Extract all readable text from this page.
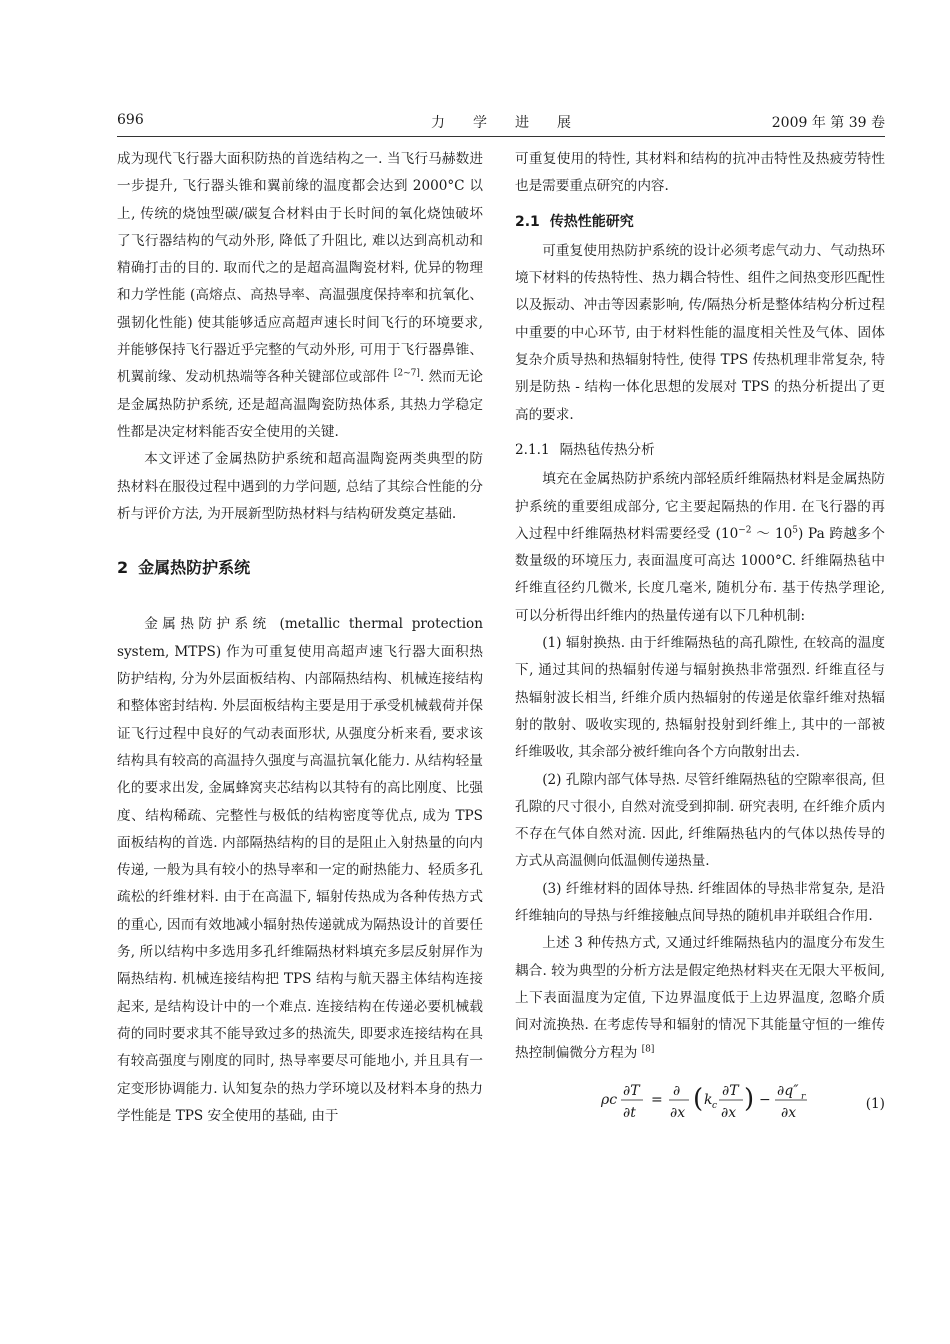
696	力学进展	2009 年 第 39 卷

成为现代飞行器大面积防热的首选结构之一. 当飞行马赫数进一步提升, 飞行器头锥和翼前缘的温度都会达到 2000°C 以上, 传统的烧蚀型碳/碳复合材料由于长时间的氧化烧蚀破坏了飞行器结构的气动外形, 降低了升阻比, 难以达到高机动和精确打击的目的. 取而代之的是超高温陶瓷材料, 优异的物理和力学性能 (高熔点、高热导率、高温强度保持率和抗氧化、强韧化性能) 使其能够适应高超声速长时间飞行的环境要求, 并能够保持飞行器近乎完整的气动外形, 可用于飞行器鼻锥、机翼前缘、发动机热端等各种关键部位或部件 [2~7]. 然而无论是金属热防护系统, 还是超高温陶瓷防热体系, 其热力学稳定性都是决定材料能否安全使用的关键.

本文评述了金属热防护系统和超高温陶瓷两类典型的防热材料在服役过程中遇到的力学问题, 总结了其综合性能的分析与评价方法, 为开展新型防热材料与结构研发奠定基础.

2 金属热防护系统

金属热防护系统 (metallic thermal protection system, MTPS) 作为可重复使用高超声速飞行器大面积热防护结构, 分为外层面板结构、内部隔热结构、机械连接结构和整体密封结构. 外层面板结构主要是用于承受机械载荷并保证飞行过程中良好的气动表面形状, 从强度分析来看, 要求该结构具有较高的高温持久强度与高温抗氧化能力. 从结构轻量化的要求出发, 金属蜂窝夹芯结构以其特有的高比刚度、比强度、结构稀疏、完整性与极低的结构密度等优点, 成为 TPS 面板结构的首选. 内部隔热结构的目的是阻止入射热量的向内传递, 一般为具有较小的热导率和一定的耐热能力、轻质多孔疏松的纤维材料. 由于在高温下, 辐射传热成为各种传热方式的重心, 因而有效地减小辐射热传递就成为隔热设计的首要任务, 所以结构中多选用多孔纤维隔热材料填充多层反射屏作为隔热结构. 机械连接结构把 TPS 结构与航天器主体结构连接起来, 是结构设计中的一个难点. 连接结构在传递必要机械载荷的同时要求其不能导致过多的热流失, 即要求连接结构在具有较高强度与刚度的同时, 热导率要尽可能地小, 并且具有一定变形协调能力. 认知复杂的热力学环境以及材料本身的热力学性能是 TPS 安全使用的基础, 由于

可重复使用的特性, 其材料和结构的抗冲击特性及热疲劳特性也是需要重点研究的内容.

2.1 传热性能研究

可重复使用热防护系统的设计必须考虑气动力、气动热环境下材料的传热特性、热力耦合特性、组件之间热变形匹配性以及振动、冲击等因素影响, 传/隔热分析是整体结构分析过程中重要的中心环节, 由于材料性能的温度相关性及气体、固体复杂介质导热和热辐射特性, 使得 TPS 传热机理非常复杂, 特别是防热 - 结构一体化思想的发展对 TPS 的热分析提出了更高的要求.

2.1.1 隔热毡传热分析

填充在金属热防护系统内部轻质纤维隔热材料是金属热防护系统的重要组成部分, 它主要起隔热的作用. 在飞行器的再入过程中纤维隔热材料需要经受 ($10^{-2}$ ～ $10^5$) Pa 跨越多个数量级的环境压力, 表面温度可高达 1000°C. 纤维隔热毡中纤维直径约几微米, 长度几毫米, 随机分布. 基于传热学理论, 可以分析得出纤维内的热量传递有以下几种机制:

(1) 辐射换热. 由于纤维隔热毡的高孔隙性, 在较高的温度下, 通过其间的热辐射传递与辐射换热非常强烈. 纤维直径与热辐射波长相当, 纤维介质内热辐射的传递是依靠纤维对热辐射的散射、吸收实现的, 热辐射投射到纤维上, 其中的一部被纤维吸收, 其余部分被纤维向各个方向散射出去.

(2) 孔隙内部气体导热. 尽管纤维隔热毡的空隙率很高, 但孔隙的尺寸很小, 自然对流受到抑制. 研究表明, 在纤维介质内不存在气体自然对流. 因此, 纤维隔热毡内的气体以热传导的方式从高温侧向低温侧传递热量.

(3) 纤维材料的固体导热. 纤维固体的导热非常复杂, 是沿纤维轴向的导热与纤维接触点间导热的随机串并联组合作用.

上述 3 种传热方式, 又通过纤维隔热毡内的温度分布发生耦合. 较为典型的分析方法是假定绝热材料夹在无限大平板间, 上下表面温度为定值, 下边界温度低于上边界温度, 忽略介质间对流换热. 在考虑传导和辐射的情况下其能量守恒的一维传热控制偏微分方程为 [8]

ρc
∂T
∂t
=
∂
∂x ( k c
∂T
∂x ) −
∂q″ r
∂x
(1)
